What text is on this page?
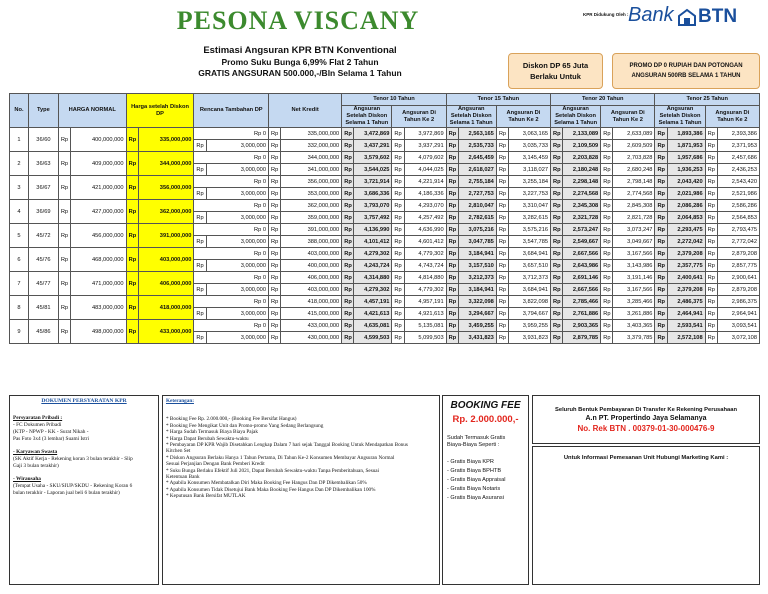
PESONA VISCANY
Estimasi Angsuran KPR BTN Konventional
Promo Suku Bunga 6,99% Flat 2 Tahun
GRATIS ANGSURAN 500.000,-/Bln Selama 1 Tahun
KPR Didukung Oleh : Bank BTN
Diskon DP 65 Juta Berlaku Untuk
PROMO DP 0 RUPIAH DAN POTONGAN ANGSURAN 500RB SELAMA 1 TAHUN
No.	Type	HARGA NORMAL		Harga setelah Diskon DP		Rencana Tambahan DP		Net Kredit		Tenor 10 Tahun				Tenor 15 Tahun				Tenor 20 Tahun				Tenor 25 Tahun			
										Angsuran Setelah Diskon Selama 1 Tahun		Angsuran Di Tahun Ke 2		Angsuran Setelah Diskon Selama 1 Tahun		Angsuran Di Tahun Ke 2		Angsuran Setelah Diskon Selama 1 Tahun		Angsuran Di Tahun Ke 2		Angsuran Setelah Diskon Selama 1 Tahun		Angsuran Di Tahun Ke 2	
1	36/60	Rp	400,000,000	Rp	335,000,000	Rp 0		Rp	335,000,000	Rp	3,472,869	Rp	3,972,869	Rp	2,563,165	Rp	3,063,165	Rp	2,133,089	Rp	2,633,089	Rp	1,893,386	Rp	2,393,386
						Rp	3,000,000	Rp	332,000,000	Rp	3,437,291	Rp	3,937,291	Rp	2,535,733	Rp	3,035,733	Rp	2,109,509	Rp	2,609,509	Rp	1,871,953	Rp	2,371,953
2	36/63	Rp	409,000,000	Rp	344,000,000	Rp 0		Rp	344,000,000	Rp	3,579,602	Rp	4,079,602	Rp	2,645,459	Rp	3,145,459	Rp	2,203,828	Rp	2,703,828	Rp	1,957,686	Rp	2,457,686
						Rp	3,000,000	Rp	341,000,000	Rp	3,544,025	Rp	4,044,025	Rp	2,618,027	Rp	3,118,027	Rp	2,180,248	Rp	2,680,248	Rp	1,936,253	Rp	2,436,253
3	36/67	Rp	421,000,000	Rp	356,000,000	Rp 0		Rp	356,000,000	Rp	3,721,914	Rp	4,221,914	Rp	2,755,184	Rp	3,255,184	Rp	2,298,148	Rp	2,798,148	Rp	2,043,420	Rp	2,543,420
						Rp	3,000,000	Rp	353,000,000	Rp	3,686,336	Rp	4,186,336	Rp	2,727,753	Rp	3,227,753	Rp	2,274,568	Rp	2,774,568	Rp	2,021,986	Rp	2,521,986
4	36/69	Rp	427,000,000	Rp	362,000,000	Rp 0		Rp	362,000,000	Rp	3,793,070	Rp	4,293,070	Rp	2,810,047	Rp	3,310,047	Rp	2,345,308	Rp	2,845,308	Rp	2,086,286	Rp	2,586,286
						Rp	3,000,000	Rp	359,000,000	Rp	3,757,492	Rp	4,257,492	Rp	2,782,615	Rp	3,282,615	Rp	2,321,728	Rp	2,821,728	Rp	2,064,853	Rp	2,564,853
5	45/72	Rp	456,000,000	Rp	391,000,000	Rp 0		Rp	391,000,000	Rp	4,136,990	Rp	4,636,990	Rp	3,075,216	Rp	3,575,216	Rp	2,573,247	Rp	3,073,247	Rp	2,293,475	Rp	2,793,475
						Rp	3,000,000	Rp	388,000,000	Rp	4,101,412	Rp	4,601,412	Rp	3,047,785	Rp	3,547,785	Rp	2,549,667	Rp	3,049,667	Rp	2,272,042	Rp	2,772,042
6	45/76	Rp	468,000,000	Rp	403,000,000	Rp 0		Rp	403,000,000	Rp	4,279,302	Rp	4,779,302	Rp	3,184,941	Rp	3,684,941	Rp	2,667,566	Rp	3,167,566	Rp	2,379,208	Rp	2,879,208
						Rp	3,000,000	Rp	400,000,000	Rp	4,243,724	Rp	4,743,724	Rp	3,157,510	Rp	3,657,510	Rp	2,643,986	Rp	3,143,986	Rp	2,357,775	Rp	2,857,775
7	45/77	Rp	471,000,000	Rp	406,000,000	Rp 0		Rp	406,000,000	Rp	4,314,880	Rp	4,814,880	Rp	3,212,373	Rp	3,712,373	Rp	2,691,146	Rp	3,191,146	Rp	2,400,641	Rp	2,900,641
						Rp	3,000,000	Rp	403,000,000	Rp	4,279,302	Rp	4,779,302	Rp	3,184,941	Rp	3,684,941	Rp	2,667,566	Rp	3,167,566	Rp	2,379,208	Rp	2,879,208
8	45/81	Rp	483,000,000	Rp	418,000,000	Rp 0		Rp	418,000,000	Rp	4,457,191	Rp	4,957,191	Rp	3,322,098	Rp	3,822,098	Rp	2,785,466	Rp	3,285,466	Rp	2,486,375	Rp	2,986,375
						Rp	3,000,000	Rp	415,000,000	Rp	4,421,613	Rp	4,921,613	Rp	3,294,667	Rp	3,794,667	Rp	2,761,886	Rp	3,261,886	Rp	2,464,941	Rp	2,964,941
9	45/86	Rp	498,000,000	Rp	433,000,000	Rp 0		Rp	433,000,000	Rp	4,635,081	Rp	5,135,081	Rp	3,459,255	Rp	3,959,255	Rp	2,903,365	Rp	3,403,365	Rp	2,593,541	Rp	3,093,541
						Rp	3,000,000	Rp	430,000,000	Rp	4,599,503	Rp	5,099,503	Rp	3,431,823	Rp	3,931,823	Rp	2,879,785	Rp	3,379,785	Rp	2,572,108	Rp	3,072,108
DOKUMEN PERSYARATAN KPR
Persyaratan Pribadi :
- FC Dokumen Pribadi
(KTP - NPWP - KK - Surat Nikah -
Pas Foto 3x4 (3 lembar) Suami Istri
- Karyawan Swasta
(SK Aktif Kerja - Rekening koran 3 bulan terakhir - Slip
Gaji 3 bulan terakhir)
- Wirausaha
(Tempat Usaha - SKU/SIUP/SKDU - Rekening Koran 6
bulan terakhir - Laporan jual beli 6 bulan terakhir)
Keterangan:
* Booking Fee Rp. 2.000.000,- (Booking Fee Bersifat Hangus)
* Booking Fee Mengikat Unit dan Promo-promo Yang Sedang Berlangsung
* Harga Sudah Termasuk Biaya Biaya Pajak
* Harga Dapat Berubah Sewaktu-waktu
* Pembayaran DP KPR Wajib Disetahkan Lengkap Dalam 7 hari sejak Tanggal Booking Untuk Mendapatkan Bonus
Kitchen Set
* Diskon Angsuran Berlaku Hanya 1 Tahun Pertama, Di Tahun Ke-2 Konsumen Membayar Angsuran Normal
Sesuai Perjanjian Dengan Bank Pemberi Kredit
* Suku Bunga Berlaku Efektif Juli 2021, Dapat Berubah Sewaktu-waktu Tanpa Pemberitahuan, Sesuai
Ketentuan Bank
* Apabila Konsumen Membatalkan Diri Maka Booking Fee Hangus Dan DP Dikembalikan 50%
* Apabila Konsumen Tidak Disetujui Bank Maka Booking Fee Hangus Dan DP Dikembalikan 100%
* Keputusan Bank Bersifat MUTLAK
BOOKING FEE
Rp. 2.000.000,-
Sudah Termasuk Gratis
Biaya-Biaya Seperti :
- Gratis Biaya KPR
- Gratis Biaya BPHTB
- Gratis Biaya Appraisal
- Gratis Biaya Notaris
- Gratis Biaya Asuransi
Seluruh Bentuk Pembayaran Di Transfer Ke Rekening Perusahaan
A.n PT. Propertindo Jaya Selamanya
No. Rek BTN . 00379-01-30-000476-9
Untuk Informasi Pemesanan Unit Hubungi Marketing Kami :
